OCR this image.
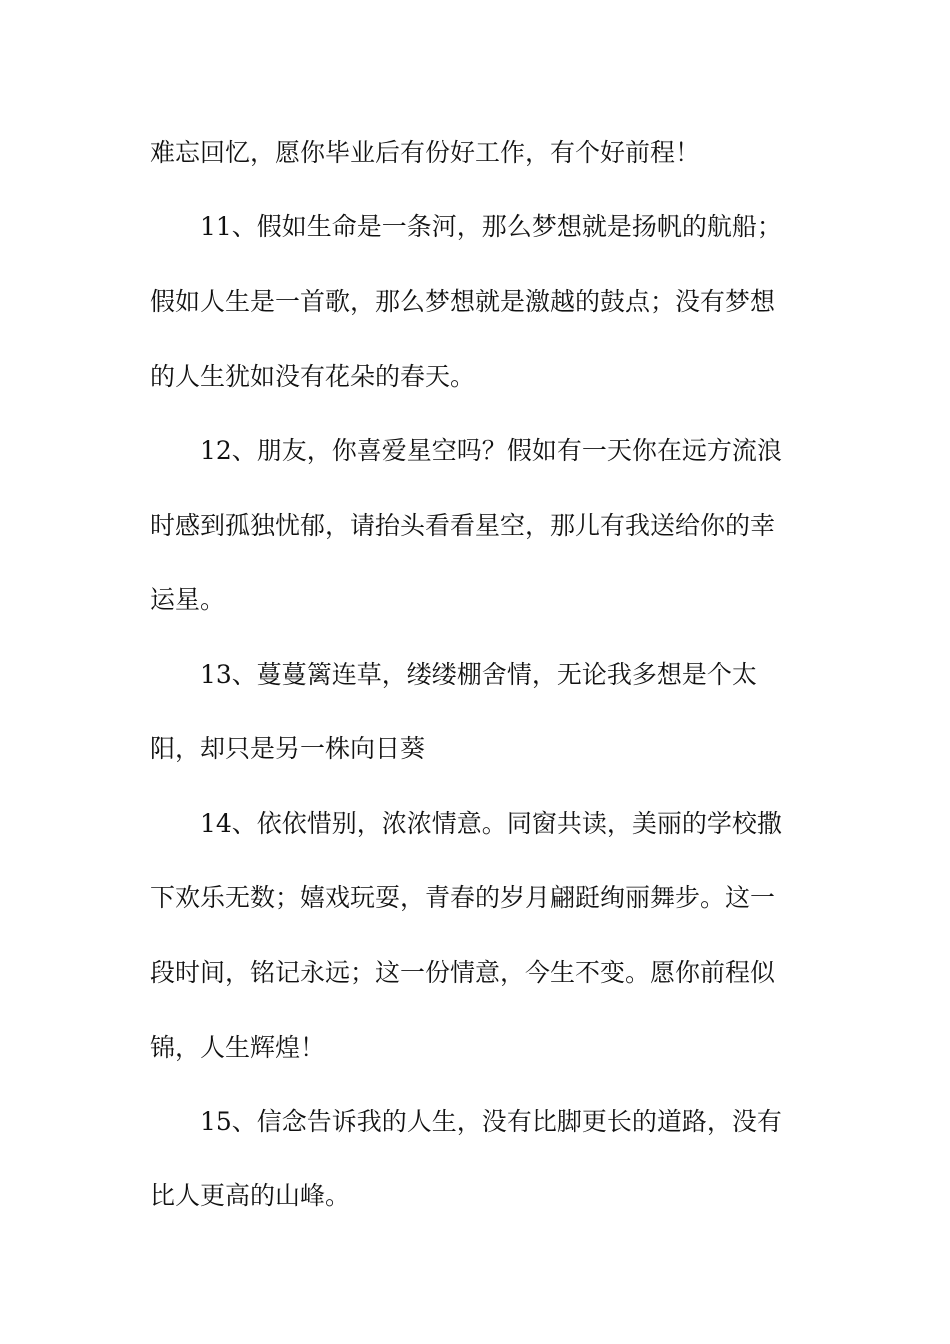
难忘回忆，愿你毕业后有份好工作，有个好前程！

11、假如生命是一条河，那么梦想就是扬帆的航船；

假如人生是一首歌，那么梦想就是激越的鼓点；没有梦想

的人生犹如没有花朵的春天。

12、朋友，你喜爱星空吗？假如有一天你在远方流浪

时感到孤独忧郁，请抬头看看星空，那儿有我送给你的幸

运星。

13、蔓蔓篱连草，缕缕棚舍情，无论我多想是个太

阳，却只是另一株向日葵

14、依依惜别，浓浓情意。同窗共读，美丽的学校撒

下欢乐无数；嬉戏玩耍，青春的岁月翩跹绚丽舞步。这一

段时间，铭记永远；这一份情意，今生不变。愿你前程似

锦，人生辉煌！

15、信念告诉我的人生，没有比脚更长的道路，没有

比人更高的山峰。
